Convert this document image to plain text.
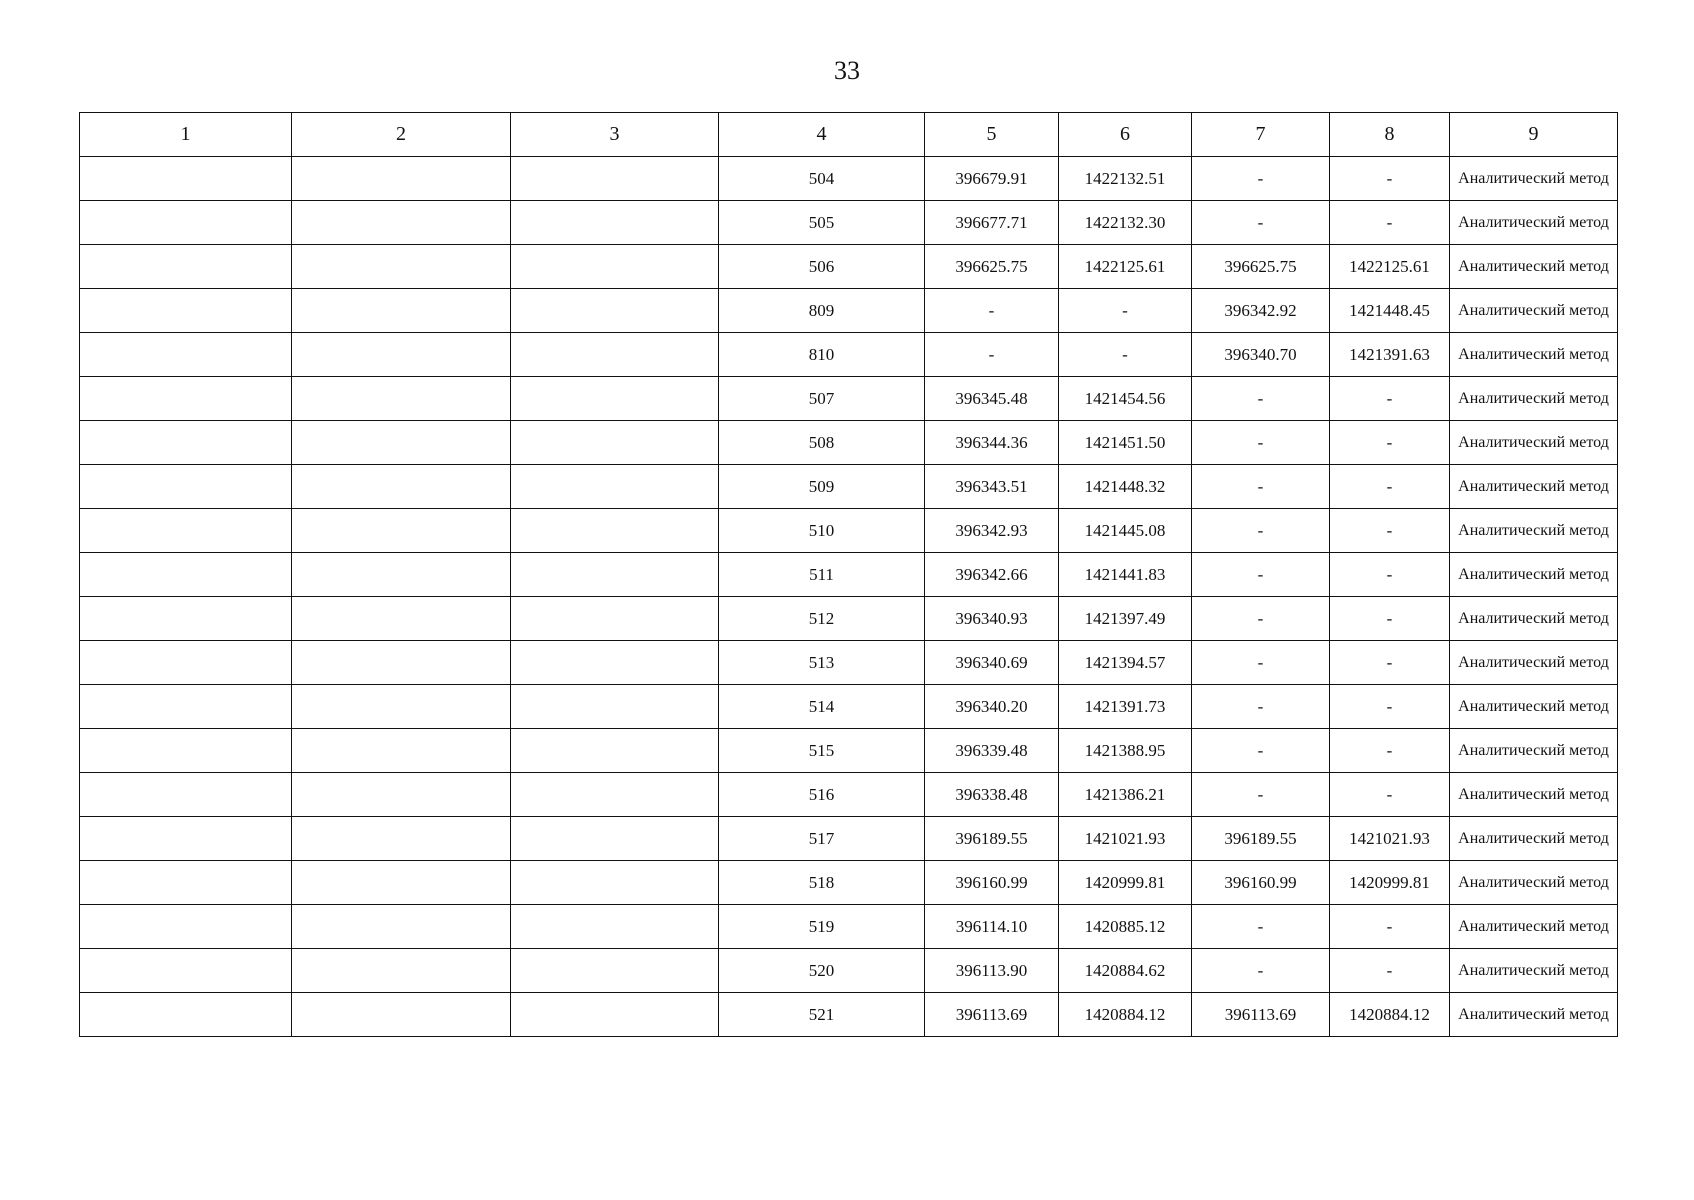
33
1	2	3	4	5	6	7	8	9
			504	396679.91	1422132.51	-	-	Аналитический метод
			505	396677.71	1422132.30	-	-	Аналитический метод
			506	396625.75	1422125.61	396625.75	1422125.61	Аналитический метод
			809	-	-	396342.92	1421448.45	Аналитический метод
			810	-	-	396340.70	1421391.63	Аналитический метод
			507	396345.48	1421454.56	-	-	Аналитический метод
			508	396344.36	1421451.50	-	-	Аналитический метод
			509	396343.51	1421448.32	-	-	Аналитический метод
			510	396342.93	1421445.08	-	-	Аналитический метод
			511	396342.66	1421441.83	-	-	Аналитический метод
			512	396340.93	1421397.49	-	-	Аналитический метод
			513	396340.69	1421394.57	-	-	Аналитический метод
			514	396340.20	1421391.73	-	-	Аналитический метод
			515	396339.48	1421388.95	-	-	Аналитический метод
			516	396338.48	1421386.21	-	-	Аналитический метод
			517	396189.55	1421021.93	396189.55	1421021.93	Аналитический метод
			518	396160.99	1420999.81	396160.99	1420999.81	Аналитический метод
			519	396114.10	1420885.12	-	-	Аналитический метод
			520	396113.90	1420884.62	-	-	Аналитический метод
			521	396113.69	1420884.12	396113.69	1420884.12	Аналитический метод
